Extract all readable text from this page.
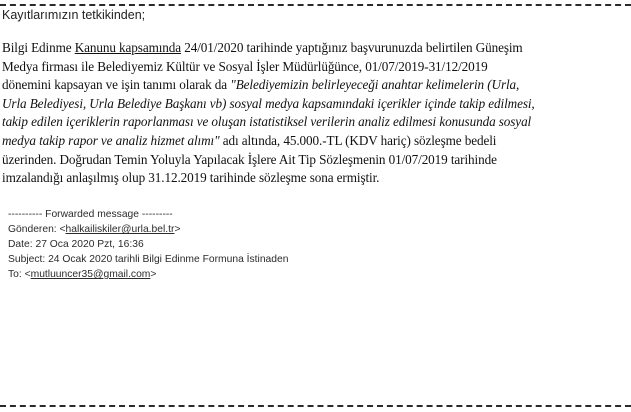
Kayıtlarımızın tetkikinden;
Bilgi Edinme Kanunu kapsamında 24/01/2020 tarihinde yaptığınız başvurunuzda belirtilen Güneşim
Medya firması ile Belediyemiz Kültür ve Sosyal İşler Müdürlüğünce, 01/07/2019-31/12/2019
dönemini kapsayan ve işin tanımı olarak da "Belediyemizin belirleyeceği anahtar kelimelerin (Urla,
Urla Belediyesi, Urla Belediye Başkanı vb) sosyal medya kapsamındaki içerikler içinde takip edilmesi,
takip edilen içeriklerin raporlanması ve oluşan istatistiksel verilerin analiz edilmesi konusunda sosyal
medya takip rapor ve analiz hizmet alımı" adı altında, 45.000.-TL (KDV hariç) sözleşme bedeli
üzerinden. Doğrudan Temin Yoluyla Yapılacak İşlere Ait Tip Sözleşmenin 01/07/2019 tarihinde
imzalandığı anlaşılmış olup 31.12.2019 tarihinde sözleşme sona ermiştir.
---------- Forwarded message ---------
Gönderen: <halkailiskiler@urla.bel.tr>
Date: 27 Oca 2020 Pzt, 16:36
Subject: 24 Ocak 2020 tarihli Bilgi Edinme Formuna İstinaden
To: <mutluuncer35@gmail.com>
